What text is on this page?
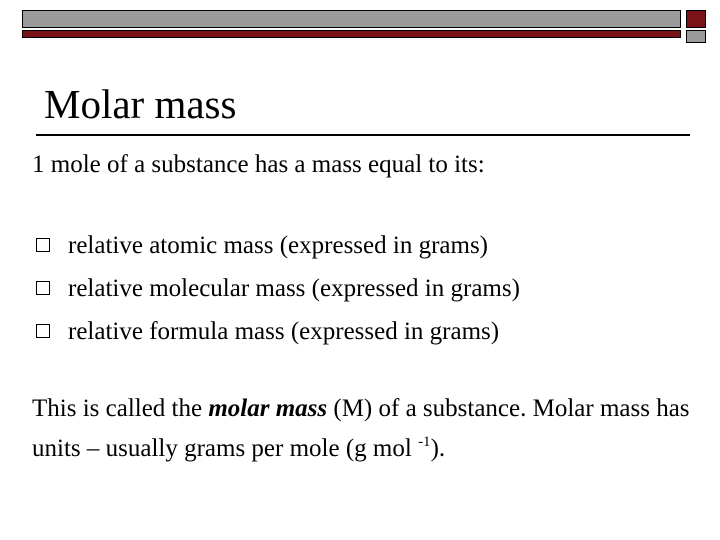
Molar mass
1 mole of a substance has a mass equal to its:
relative atomic mass (expressed in grams)
relative molecular mass (expressed in grams)
relative formula mass (expressed in grams)
This is called the molar mass (M) of a substance. Molar mass has units – usually grams per mole (g mol $^{-1}$).
